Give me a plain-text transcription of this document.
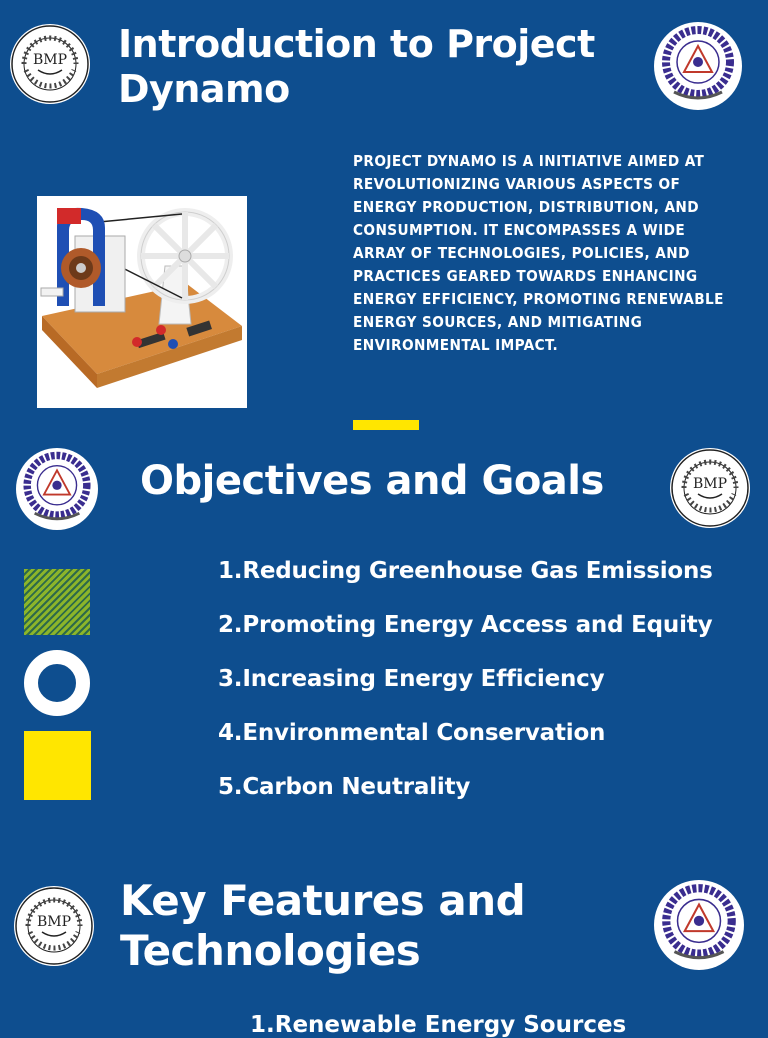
BMP Introduction to Project Dynamo

PROJECT DYNAMO IS A INITIATIVE AIMED AT REVOLUTIONIZING VARIOUS ASPECTS OF ENERGY PRODUCTION, DISTRIBUTION, AND CONSUMPTION. IT ENCOMPASSES A WIDE ARRAY OF TECHNOLOGIES, POLICIES, AND PRACTICES GEARED TOWARDS ENHANCING ENERGY EFFICIENCY, PROMOTING RENEWABLE ENERGY SOURCES, AND MITIGATING ENVIRONMENTAL IMPACT.

Objectives and Goals	BMP
1.Reducing Greenhouse Gas Emissions
2.Promoting Energy Access and Equity
3.Increasing Energy Efficiency
4.Environmental Conservation
5.Carbon Neutrality
BMP Key Features and Technologies
1.Renewable Energy Sources
